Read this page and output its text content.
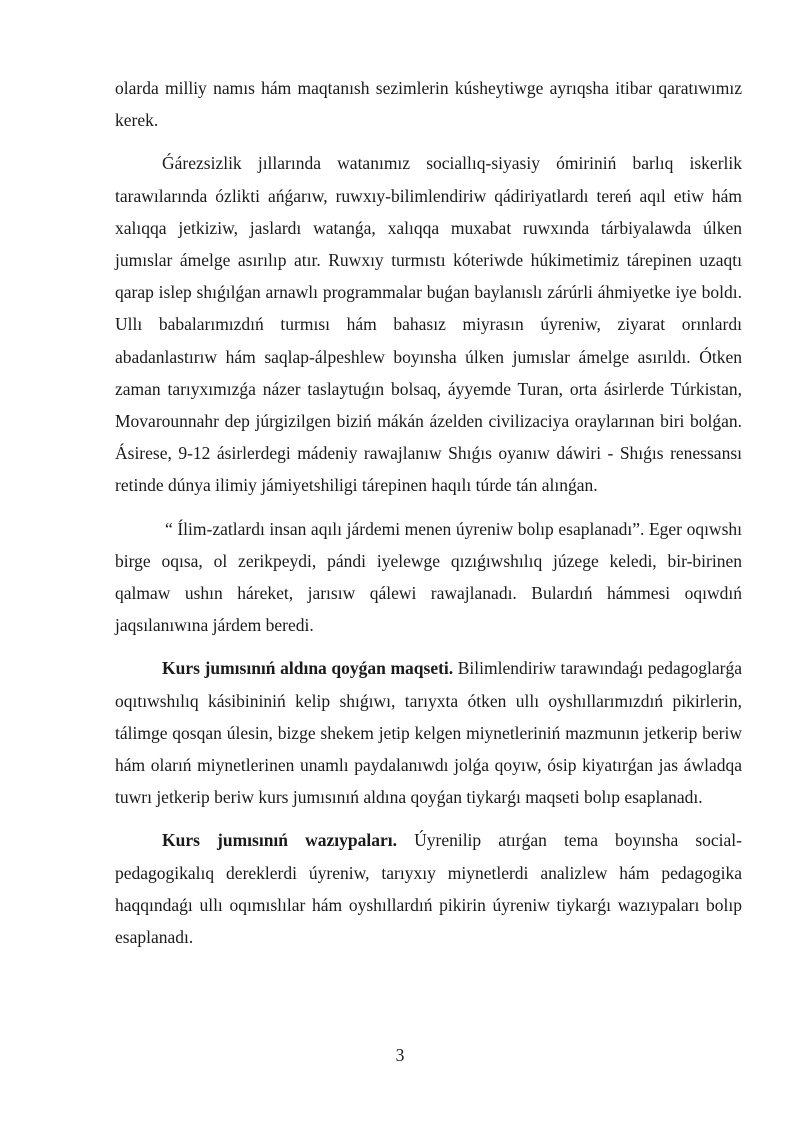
olarda milliy namıs hám maqtanısh sezimlerin kúsheytiwge ayrıqsha itibar qaratıwımız kerek.

Ǵárezsizlik jıllarında watanımız sociallıq-siyasiy ómiriniń barlıq iskerlik tarawılarında ózlikti ańǵarıw, ruwxıy-bilimlendiriw qádiriyatlardı tereń aqıl etiw hám xalıqqa jetkiziw, jaslardı watanǵa, xalıqqa muxabat ruwxında tárbiyalawda úlken jumıslar ámelge asırılıp atır. Ruwxıy turmıstı kóteriwde húkimetimiz tárepinen uzaqtı qarap islep shıǵılǵan arnawlı programmalar buǵan baylanıslı zárúrli áhmiyetke iye boldı. Ullı babalarımızdıń turmısı hám bahasız miyrasın úyreniw, ziyarat orınlardı abadanlastırıw hám saqlap-álpeshlew boyınsha úlken jumıslar ámelge asırıldı. Ótken zaman tarıyxımızǵa názer taslaytuǵın bolsaq, áyyemde Turan, orta ásirlerde Túrkistan, Movarounnahr dep júrgizilgen biziń mákán ázelden civilizaciya oraylarınan biri bolǵan. Ásirese, 9-12 ásirlerdegi mádeniy rawajlanıw Shıǵıs oyanıw dáwiri - Shıǵıs renessansı retinde dúnya ilimiy jámiyetshiligi tárepinen haqılı túrde tán alınǵan.

“ Ílim-zatlardı insan aqılı járdemi menen úyreniw bolıp esaplanadı”. Eger oqıwshı birge oqısa, ol zerikpeydi, pándi iyelewge qızıǵıwshılıq júzege keledi, bir-birinen qalmaw ushın háreket, jarısıw qálewi rawajlanadı. Bulardıń hámmesi oqıwdıń jaqsılanıwına járdem beredi.

Kurs jumısınıń aldına qoyǵan maqseti. Bilimlendiriw tarawındaǵı pedagoglarǵa oqıtıwshılıq kásibininiń kelip shıǵıwı, tarıyxta ótken ullı oyshıllarımızdıń pikirlerin, tálimge qosqan úlesin, bizge shekem jetip kelgen miynetleriniń mazmunın jetkerip beriw hám olarıń miynetlerinen unamlı paydalanıwdı jolǵa qoyıw, ósip kiyatırǵan jas áwladqa tuwrı jetkerip beriw kurs jumısınıń aldına qoyǵan tiykarǵı maqseti bolıp esaplanadı.

Kurs jumısınıń wazıypaları. Úyrenilip atırǵan tema boyınsha social-pedagogikalıq dereklerdi úyreniw, tarıyxıy miynetlerdi analizlew hám pedagogika haqqındaǵı ullı oqımıslılar hám oyshıllardıń pikirin úyreniw tiykarǵı wazıypaları bolıp esaplanadı.

3
